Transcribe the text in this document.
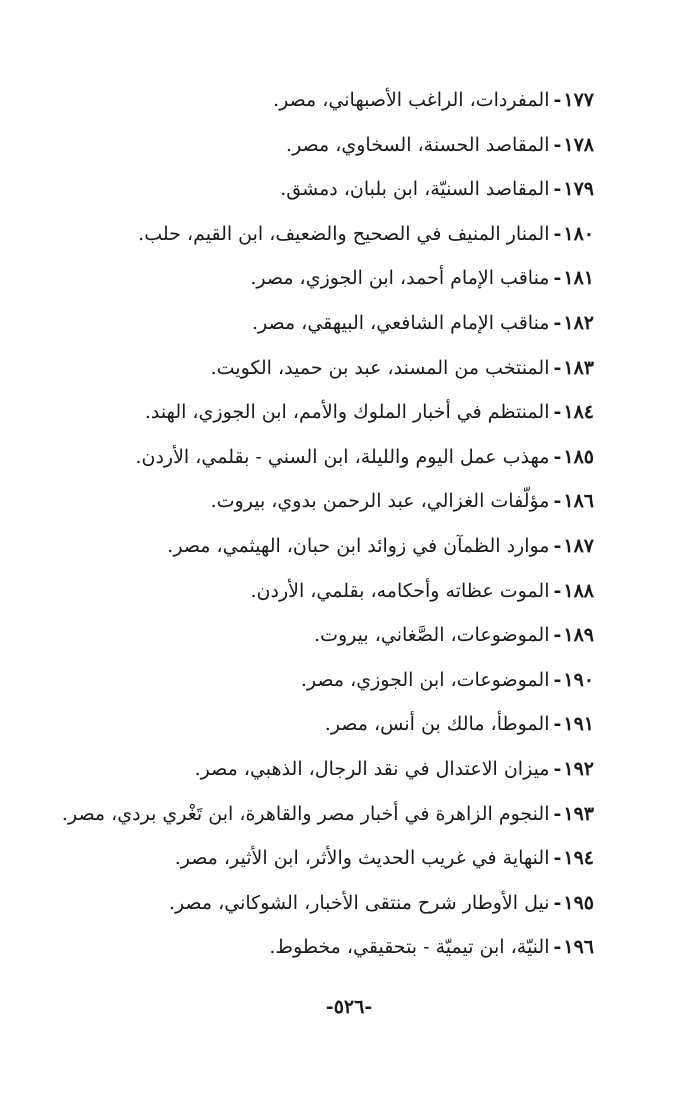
١٧٧-المفردات، الراغب الأصبهاني، مصر.
١٧٨-المقاصد الحسنة، السخاوي، مصر.
١٧٩-المقاصد السنيّة، ابن بلبان، دمشق.
١٨٠-المنار المنيف في الصحيح والضعيف، ابن القيم، حلب.
١٨١-مناقب الإمام أحمد، ابن الجوزي، مصر.
١٨٢-مناقب الإمام الشافعي، البيهقي، مصر.
١٨٣-المنتخب من المسند، عبد بن حميد، الكويت.
١٨٤-المنتظم في أخبار الملوك والأمم، ابن الجوزي، الهند.
١٨٥-مهذب عمل اليوم والليلة، ابن السني - بقلمي، الأردن.
١٨٦-مؤلّفات الغزالي، عبد الرحمن بدوي، بيروت.
١٨٧-موارد الظمآن في زوائد ابن حبان، الهيثمي، مصر.
١٨٨-الموت عظاته وأحكامه، بقلمي، الأردن.
١٨٩-الموضوعات، الصَّغاني، بيروت.
١٩٠-الموضوعات، ابن الجوزي، مصر.
١٩١-الموطأ، مالك بن أنس، مصر.
١٩٢-ميزان الاعتدال في نقد الرجال، الذهبي، مصر.
١٩٣-النجوم الزاهرة في أخبار مصر والقاهرة، ابن تَغْري بردي، مصر.
١٩٤-النهاية في غريب الحديث والأثر، ابن الأثير، مصر.
١٩٥-نيل الأوطار شرح منتقى الأخبار، الشوكاني، مصر.
١٩٦-النيّة، ابن تيميّة - بتحقيقي، مخطوط.
-٥٢٦-
